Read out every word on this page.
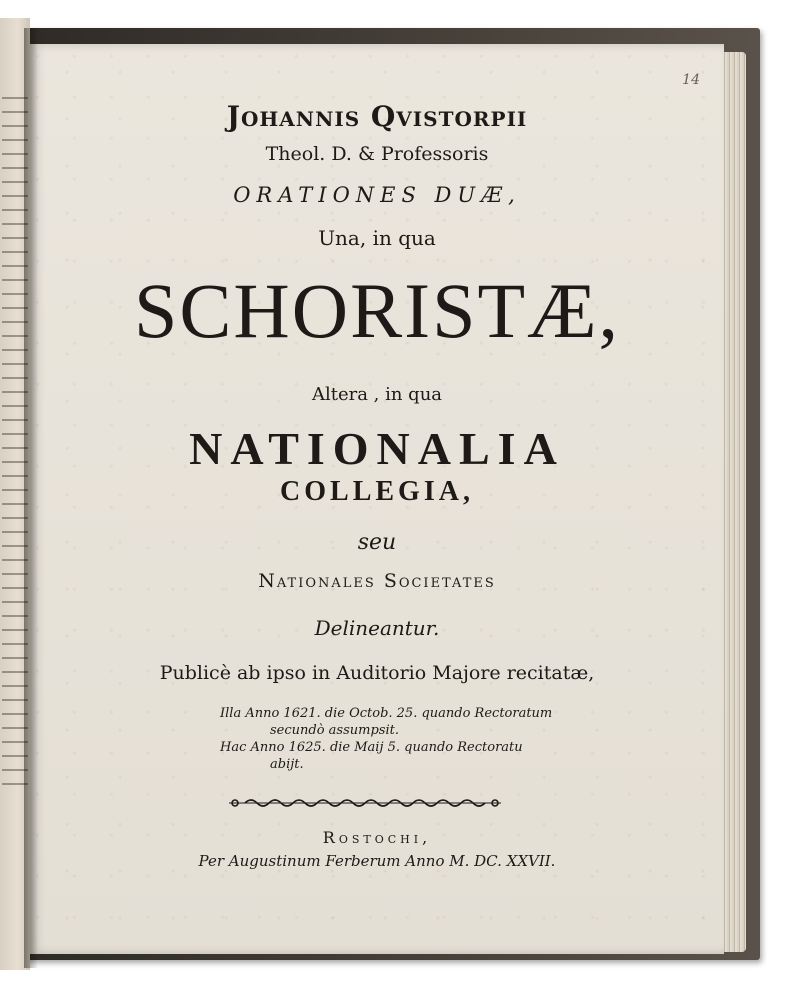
14
Johannis Qvistorpii
Theol. D. & Professoris
ORATIONES DUÆ,
Una, in qua
SCHORISTÆ,
Altera , in qua
NATIONALIA
COLLEGIA,
seu
Nationales Societates
Delineantur.
Publicè ab ipso in Auditorio Majore recitatæ,
Illa Anno 1621. die Octob. 25. quando Rectoratum
secundò assumpsit.
Hac Anno 1625. die Maij 5. quando Rectoratu
abijt.
Rostochi,
Per Augustinum Ferberum Anno M. DC. XXVII.
